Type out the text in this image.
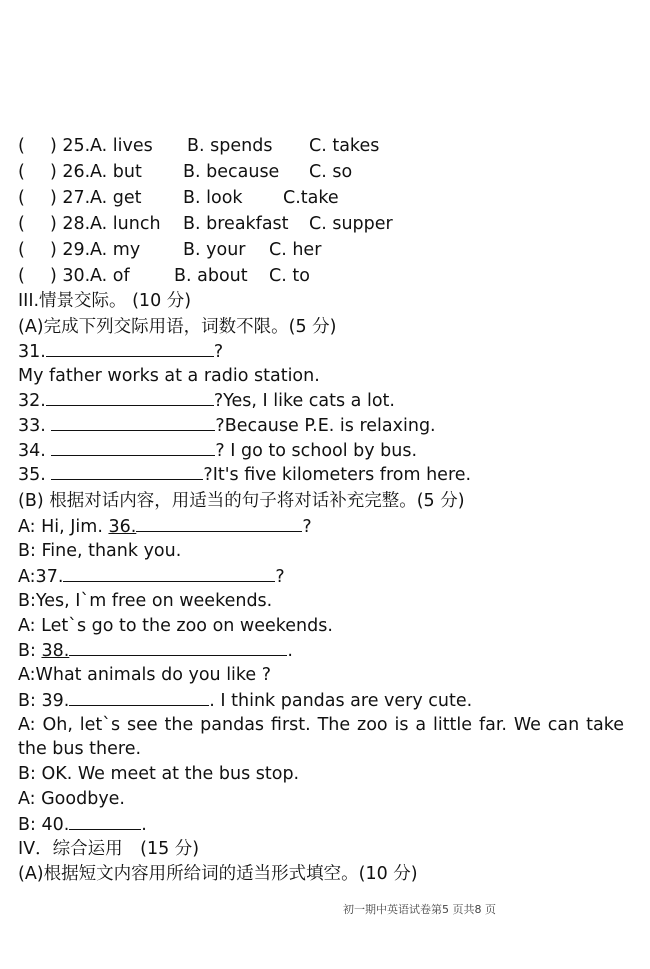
( ) 25. A. lives B. spends C. takes
( ) 26. A. but B. because C. so
( ) 27. A. get B. look C.take
( ) 28. A. lunch B. breakfast C. supper
( ) 29. A. my B. your C. her
( ) 30. A. of	B. about C. to
III.情景交际。 (10 分)
(A)完成下列交际用语，词数不限。(5 分)
31.	?
My father works at a radio station.
32.	?Yes, I like cats a lot.
33.	?Because P.E. is relaxing.
34.	? I go to school by bus.
35.	?It's five kilometers from here.
(B) 根据对话内容，用适当的句子将对话补充完整。(5 分)
A: Hi, Jim. 36.	?
B: Fine, thank you.
A:37.	?
B:Yes, I`m free on weekends.
A: Let`s go to the zoo on weekends.
B: 38.	.
A:What animals do you like ?
B: 39.	. I think pandas are very cute.
A: Oh, let`s see the pandas first. The zoo is a little far. We can take the bus there.
B: OK. We meet at the bus stop.
A: Goodbye.
B: 40.	.
IV．综合运用　(15 分)
(A)根据短文内容用所给词的适当形式填空。(10 分)
初一期中英语试卷第5 页共8 页
